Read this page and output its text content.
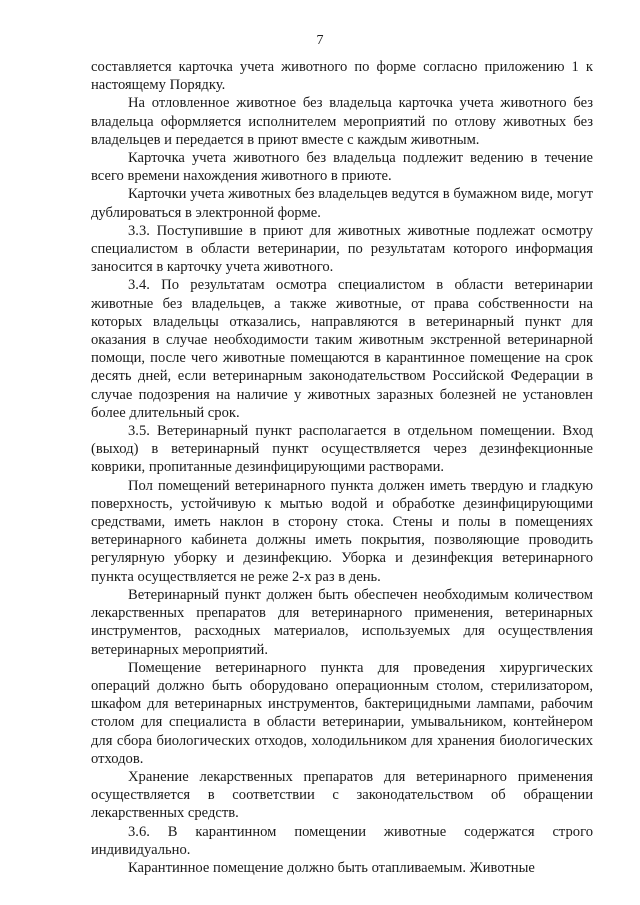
7

составляется карточка учета животного по форме согласно приложению 1 к настоящему Порядку.

На отловленное животное без владельца карточка учета животного без владельца оформляется исполнителем мероприятий по отлову животных без владельцев и передается в приют вместе с каждым животным.

Карточка учета животного без владельца подлежит ведению в течение всего времени нахождения животного в приюте.

Карточки учета животных без владельцев ведутся в бумажном виде, могут дублироваться в электронной форме.

3.3. Поступившие в приют для животных животные подлежат осмотру специалистом в области ветеринарии, по результатам которого информация заносится в карточку учета животного.

3.4. По результатам осмотра специалистом в области ветеринарии животные без владельцев, а также животные, от права собственности на которых владельцы отказались, направляются в ветеринарный пункт для оказания в случае необходимости таким животным экстренной ветеринарной помощи, после чего животные помещаются в карантинное помещение на срок десять дней, если ветеринарным законодательством Российской Федерации в случае подозрения на наличие у животных заразных болезней не установлен более длительный срок.

3.5. Ветеринарный пункт располагается в отдельном помещении. Вход (выход) в ветеринарный пункт осуществляется через дезинфекционные коврики, пропитанные дезинфицирующими растворами.

Пол помещений ветеринарного пункта должен иметь твердую и гладкую поверхность, устойчивую к мытью водой и обработке дезинфицирующими средствами, иметь наклон в сторону стока. Стены и полы в помещениях ветеринарного кабинета должны иметь покрытия, позволяющие проводить регулярную уборку и дезинфекцию. Уборка и дезинфекция ветеринарного пункта осуществляется не реже 2-х раз в день.

Ветеринарный пункт должен быть обеспечен необходимым количеством лекарственных препаратов для ветеринарного применения, ветеринарных инструментов, расходных материалов, используемых для осуществления ветеринарных мероприятий.

Помещение ветеринарного пункта для проведения хирургических операций должно быть оборудовано операционным столом, стерилизатором, шкафом для ветеринарных инструментов, бактерицидными лампами, рабочим столом для специалиста в области ветеринарии, умывальником, контейнером для сбора биологических отходов, холодильником для хранения биологических отходов.

Хранение лекарственных препаратов для ветеринарного применения осуществляется в соответствии с законодательством об обращении лекарственных средств.

3.6. В карантинном помещении животные содержатся строго индивидуально.

Карантинное помещение должно быть отапливаемым. Животные
